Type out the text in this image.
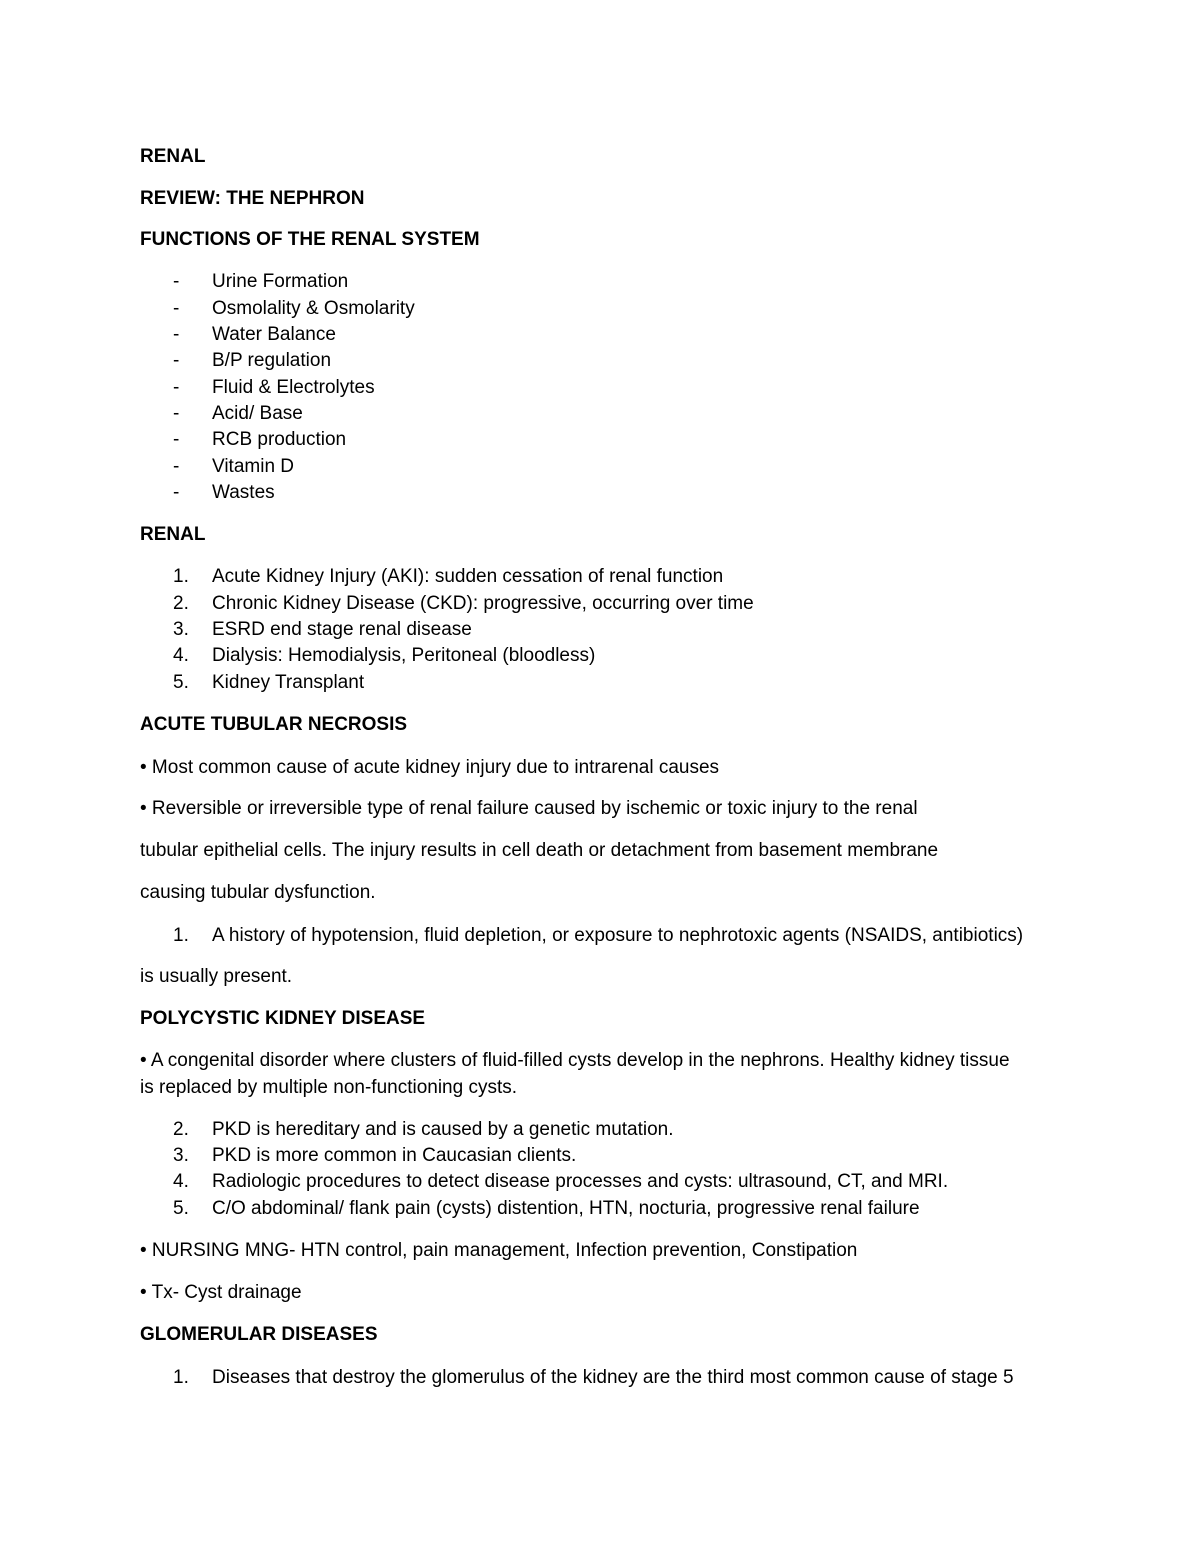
RENAL
REVIEW: THE NEPHRON
FUNCTIONS OF THE RENAL SYSTEM
-	Urine Formation
-	Osmolality & Osmolarity
-	Water Balance
-	B/P regulation
-	Fluid & Electrolytes
-	Acid/ Base
-	RCB production
-	Vitamin D
-	Wastes
RENAL
1.	Acute Kidney Injury (AKI): sudden cessation of renal function
2.	Chronic Kidney Disease (CKD): progressive, occurring over time
3.	ESRD end stage renal disease
4.	Dialysis: Hemodialysis, Peritoneal (bloodless)
5.	Kidney Transplant
ACUTE TUBULAR NECROSIS
• Most common cause of acute kidney injury due to intrarenal causes
• Reversible or irreversible type of renal failure caused by ischemic or toxic injury to the renal
tubular epithelial cells. The injury results in cell death or detachment from basement membrane
causing tubular dysfunction.
1.	A history of hypotension, fluid depletion, or exposure to nephrotoxic agents (NSAIDS, antibiotics)
is usually present.
POLYCYSTIC KIDNEY DISEASE
• A congenital disorder where clusters of fluid-filled cysts develop in the nephrons. Healthy kidney tissue
is replaced by multiple non-functioning cysts.
2.	PKD is hereditary and is caused by a genetic mutation.
3.	PKD is more common in Caucasian clients.
4.	Radiologic procedures to detect disease processes and cysts: ultrasound, CT, and MRI.
5.	C/O abdominal/ flank pain (cysts) distention, HTN, nocturia, progressive renal failure
• NURSING MNG- HTN control, pain management, Infection prevention, Constipation
• Tx- Cyst drainage
GLOMERULAR DISEASES
1.	Diseases that destroy the glomerulus of the kidney are the third most common cause of stage 5
